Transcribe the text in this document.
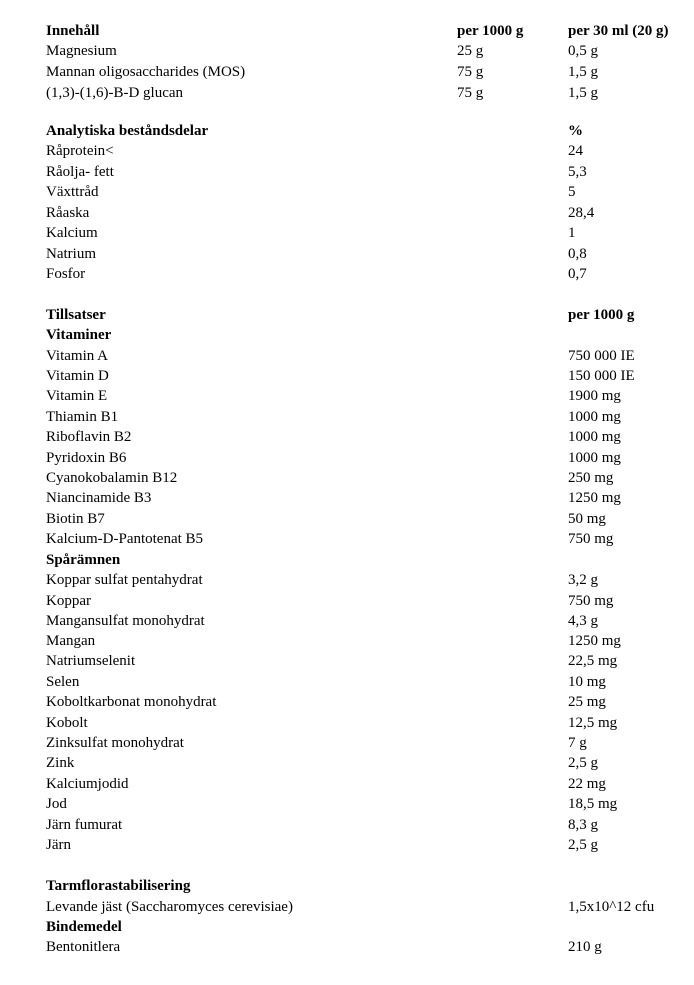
Innehåll	per 1000 g	per 30 ml (20 g)
Magnesium	25 g	0,5 g
Mannan oligosaccharides (MOS)	75 g	1,5 g
(1,3)-(1,6)-B-D glucan	75 g	1,5 g
Analytiska beståndsdelar	%
Råprotein<	24
Råolja- fett	5,3
Växttråd	5
Råaska	28,4
Kalcium	1
Natrium	0,8
Fosfor	0,7
Tillsatser	per 1000 g
Vitaminer
Vitamin A	750 000 IE
Vitamin D	150 000 IE
Vitamin E	1900 mg
Thiamin B1	1000 mg
Riboflavin B2	1000 mg
Pyridoxin B6	1000 mg
Cyanokobalamin B12	250 mg
Niancinamide B3	1250 mg
Biotin B7	50 mg
Kalcium-D-Pantotenat B5	750 mg
Spårämnen
Koppar sulfat pentahydrat	3,2 g
Koppar	750 mg
Mangansulfat monohydrat	4,3 g
Mangan	1250 mg
Natriumselenit	22,5 mg
Selen	10 mg
Koboltkarbonat monohydrat	25 mg
Kobolt	12,5 mg
Zinksulfat monohydrat	7 g
Zink	2,5 g
Kalciumjodid	22 mg
Jod	18,5 mg
Järn fumurat	8,3 g
Järn	2,5 g
Tarmflorastabilisering
Levande jäst (Saccharomyces cerevisiae)	1,5x10^12 cfu
Bindemedel
Bentonitlera	210 g
